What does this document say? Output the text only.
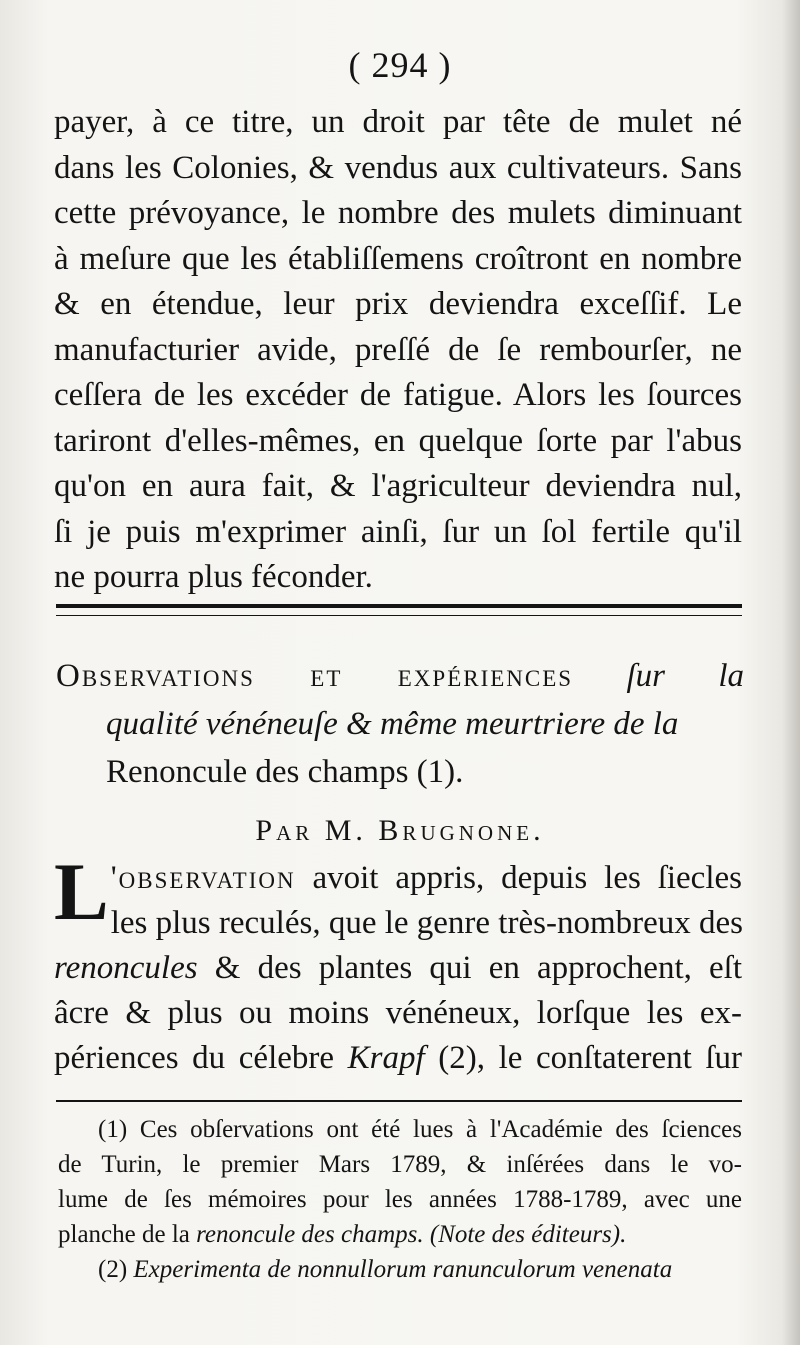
( 294 )
payer, à ce titre, un droit par tête de mulet né
dans les Colonies, & vendus aux cultivateurs. Sans
cette prévoyance, le nombre des mulets diminuant
à meſure que les établiſſemens croîtront en nombre
& en étendue, leur prix deviendra exceſſif. Le
manufacturier avide, preſſé de ſe rembourſer, ne
ceſſera de les excéder de fatigue. Alors les ſources
tariront d'elles-mêmes, en quelque ſorte par l'abus
qu'on en aura fait, & l'agriculteur deviendra nul,
ſi je puis m'exprimer ainſi, ſur un ſol fertile qu'il
ne pourra plus féconder.
Observations et expériences ſur la
qualité vénéneuſe & même meurtriere de la
Renoncule des champs (1).
Par M. Brugnone.
L 'observation avoit appris, depuis les ſiecles
les plus reculés, que le genre très-nombreux des
renoncules & des plantes qui en approchent, eſt
âcre & plus ou moins vénéneux, lorſque les ex-
périences du célebre Krapf (2), le conſtaterent ſur
(1) Ces obſervations ont été lues à l'Académie des ſciences
de Turin, le premier Mars 1789, & inſérées dans le vo-
lume de ſes mémoires pour les années 1788-1789, avec une
planche de la renoncule des champs. (Note des éditeurs).
(2) Experimenta de nonnullorum ranunculorum venenata
